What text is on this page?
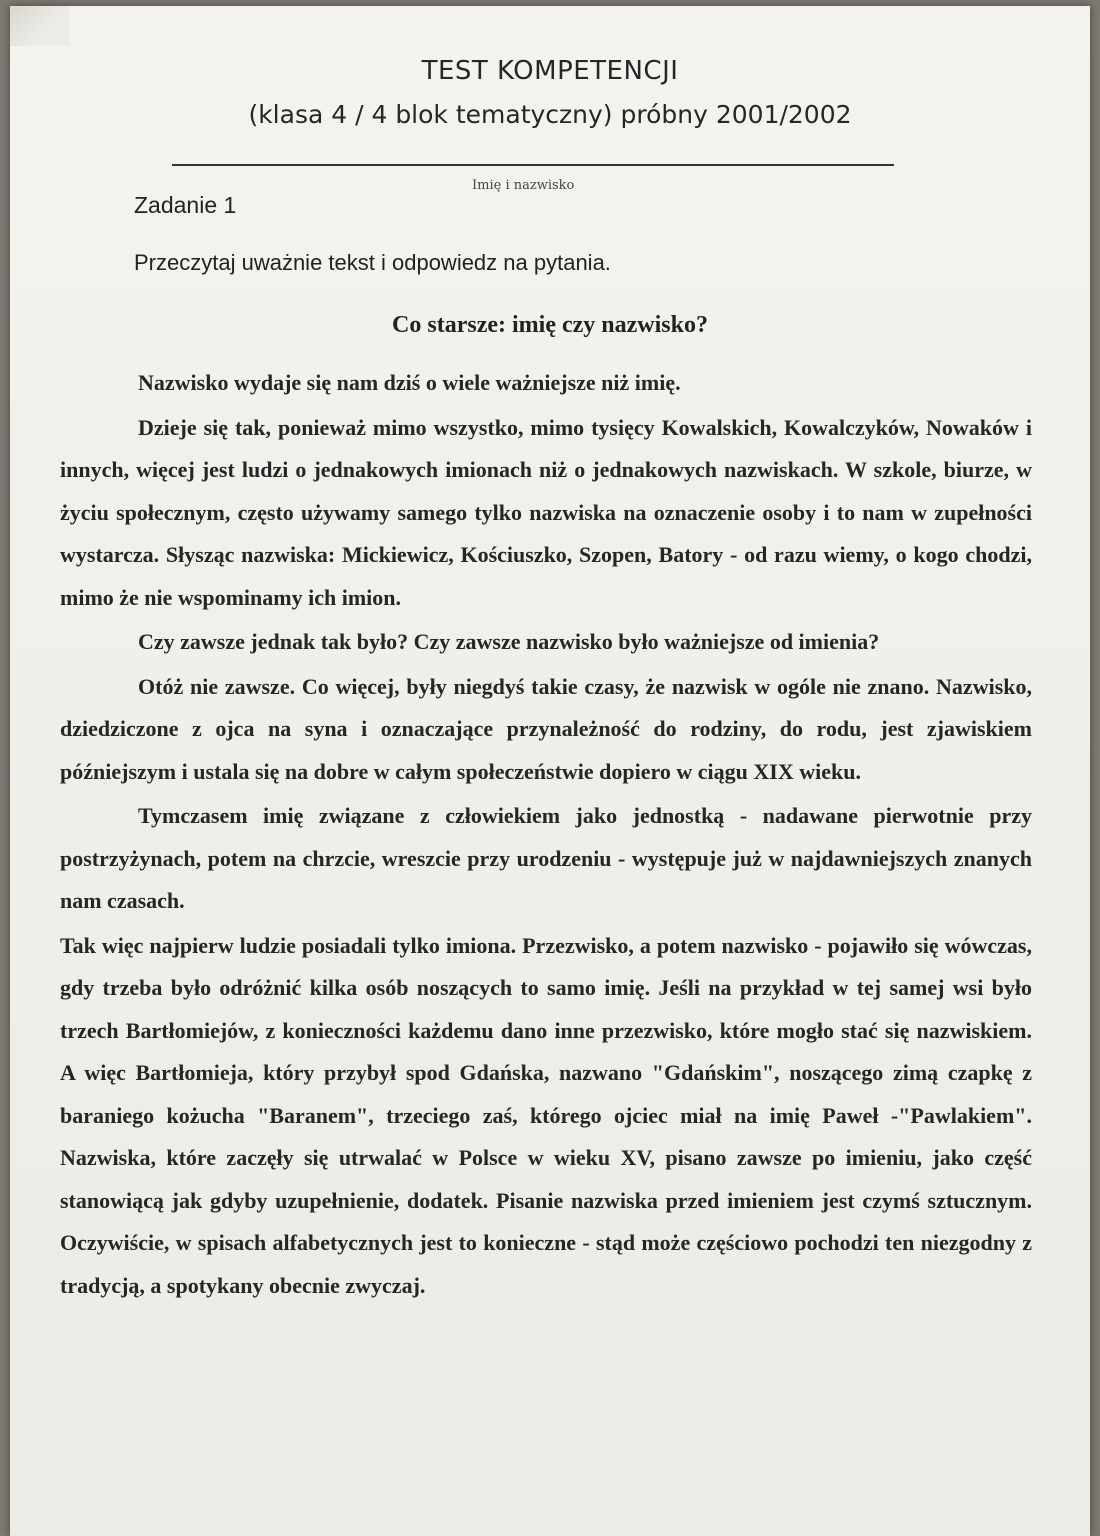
TEST KOMPETENCJI
(klasa 4 / 4 blok tematyczny) próbny 2001/2002
Imię i nazwisko
Zadanie 1
Przeczytaj uważnie tekst i odpowiedz na pytania.
Co starsze: imię czy nazwisko?

Nazwisko wydaje się nam dziś o wiele ważniejsze niż imię.

Dzieje się tak, ponieważ mimo wszystko, mimo tysięcy Kowalskich, Kowalczyków, Nowaków i innych, więcej jest ludzi o jednakowych imionach niż o jednakowych nazwiskach. W szkole, biurze, w życiu społecznym, często używamy samego tylko nazwiska na oznaczenie osoby i to nam w zupełności wystarcza. Słysząc nazwiska: Mickiewicz, Kościuszko, Szopen, Batory - od razu wiemy, o kogo chodzi, mimo że nie wspominamy ich imion.

Czy zawsze jednak tak było? Czy zawsze nazwisko było ważniejsze od imienia?

Otóż nie zawsze. Co więcej, były niegdyś takie czasy, że nazwisk w ogóle nie znano. Nazwisko, dziedziczone z ojca na syna i oznaczające przynależność do rodziny, do rodu, jest zjawiskiem późniejszym i ustala się na dobre w całym społeczeństwie dopiero w ciągu XIX wieku.

Tymczasem imię związane z człowiekiem jako jednostką - nadawane pierwotnie przy postrzyżynach, potem na chrzcie, wreszcie przy urodzeniu - występuje już w najdawniejszych znanych nam czasach.

Tak więc najpierw ludzie posiadali tylko imiona. Przezwisko, a potem nazwisko - pojawiło się wówczas, gdy trzeba było odróżnić kilka osób noszących to samo imię. Jeśli na przykład w tej samej wsi było trzech Bartłomiejów, z konieczności każdemu dano inne przezwisko, które mogło stać się nazwiskiem. A więc Bartłomieja, który przybył spod Gdańska, nazwano "Gdańskim", noszącego zimą czapkę z baraniego kożucha "Baranem", trzeciego zaś, którego ojciec miał na imię Paweł -"Pawlakiem". Nazwiska, które zaczęły się utrwalać w Polsce w wieku XV, pisano zawsze po imieniu, jako część stanowiącą jak gdyby uzupełnienie, dodatek. Pisanie nazwiska przed imieniem jest czymś sztucznym. Oczywiście, w spisach alfabetycznych jest to konieczne - stąd może częściowo pochodzi ten niezgodny z tradycją, a spotykany obecnie zwyczaj.
